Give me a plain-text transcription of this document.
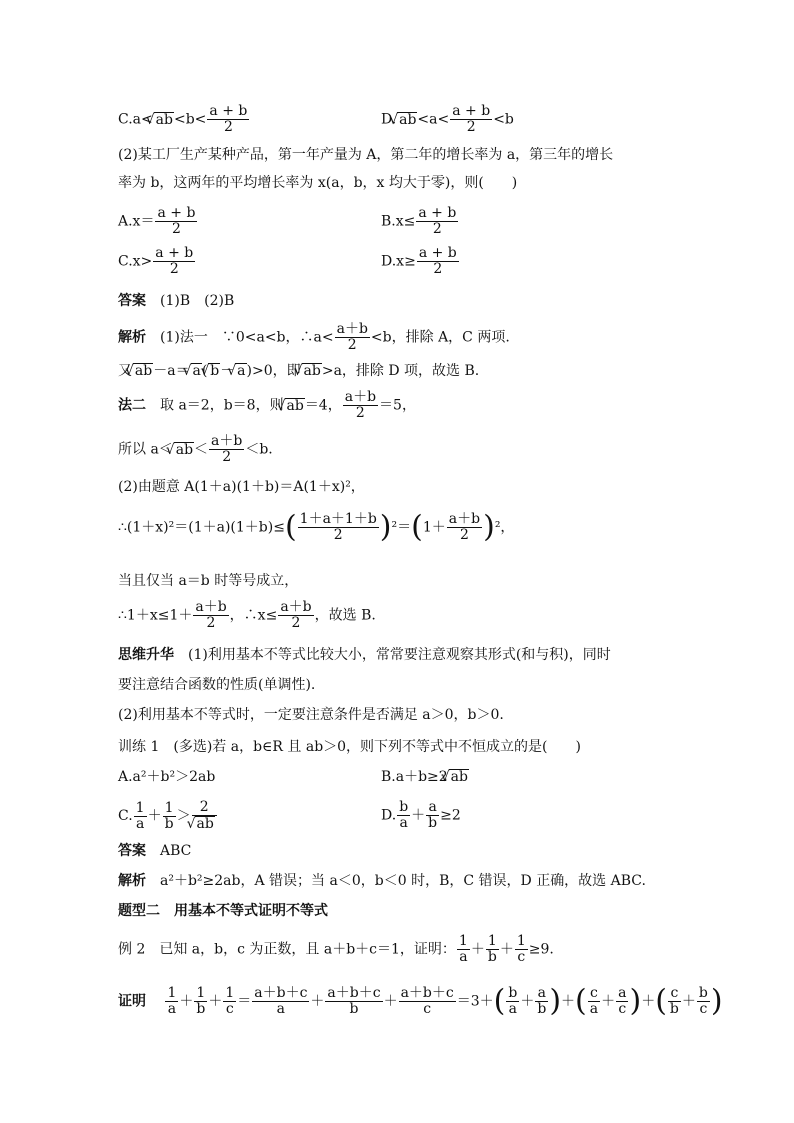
C.a< √ $ab<b< \frac{a + b}{2}$	D. √ $ab<a< \frac{a + b}{2} <b$
(2)某工厂生产某种产品，第一年产量为 A，第二年的增长率为 a，第三年的增长
率为 b，这两年的平均增长率为 x(a，b，x 均大于零)，则(　　)
$A.x= \frac{a + b}{2}$	$B.x\le \frac{a + b}{2}$
$C.x> \frac{a + b}{2}$	$D.x\ge \frac{a + b}{2}$
答案　 (1)B　(2)B
解析　 (1)法一　 ∵0<a<b，∴a< $\frac{a+b}{2} <b$，排除 A，C 两项.
又 √ ab－a＝ √ a( √ b－ √ a)>0，即 √ ab>a，排除 D 项，故选 B.
法二　 取 a＝2，b＝8，则 √ ab＝4， $\frac{a+b}{2} =5$，
所以 a＜ √ $ab< \frac{a+b}{2} <b$.
(2)由题意 A(1＋a)(1＋b)＝A(1＋x)²，
∴(1＋x)²＝(1＋a)(1＋b)≤( $\frac{1+a+1+b}{2} )^2=(1+ \frac{a+b}{2} )^2$，
当且仅当 a＝b 时等号成立，
∴1＋x≤1＋ $\frac{a+b}{2}$ ，∴x≤ $\frac{a+b}{2}$ ，故选 B.
思维升华　 (1)利用基本不等式比较大小，常常要注意观察其形式(和与积)，同时
要注意结合函数的性质(单调性).
(2)利用基本不等式时，一定要注意条件是否满足 a＞0，b＞0.
训练 1　(多选)若 a，b∈R 且 ab＞0，则下列不等式中不恒成立的是(　　)
A.a²＋b²＞2ab	B.a＋b≥2 √ ab
C. $\frac{1}{a} + \frac{1}{b} > 2$
√ ab	D. $\frac{b}{a} + \frac{a}{b} \ge 2$
答案　 ABC
解析　 a²＋b²≥2ab，A 错误；当 a＜0，b＜0 时，B，C 错误，D 正确，故选 ABC.
题型二　用基本不等式证明不等式
例 2　已知 a，b，c 为正数，且 a＋b＋c＝1，证明： $\frac{1}{a} + \frac{1}{b} + \frac{1}{c} \ge 9$.
证明　 $\frac{1}{a} + \frac{1}{b} + \frac{1}{c} = \frac{a+b+c}{a} + \frac{a+b+c}{b} + \frac{a+b+c}{c} =3+( \frac{b}{a} + \frac{a}{b}$ )＋( $\frac{c}{a} + \frac{a}{c}$ )＋( $\frac{c}{b} + \frac{b}{c}$ )
